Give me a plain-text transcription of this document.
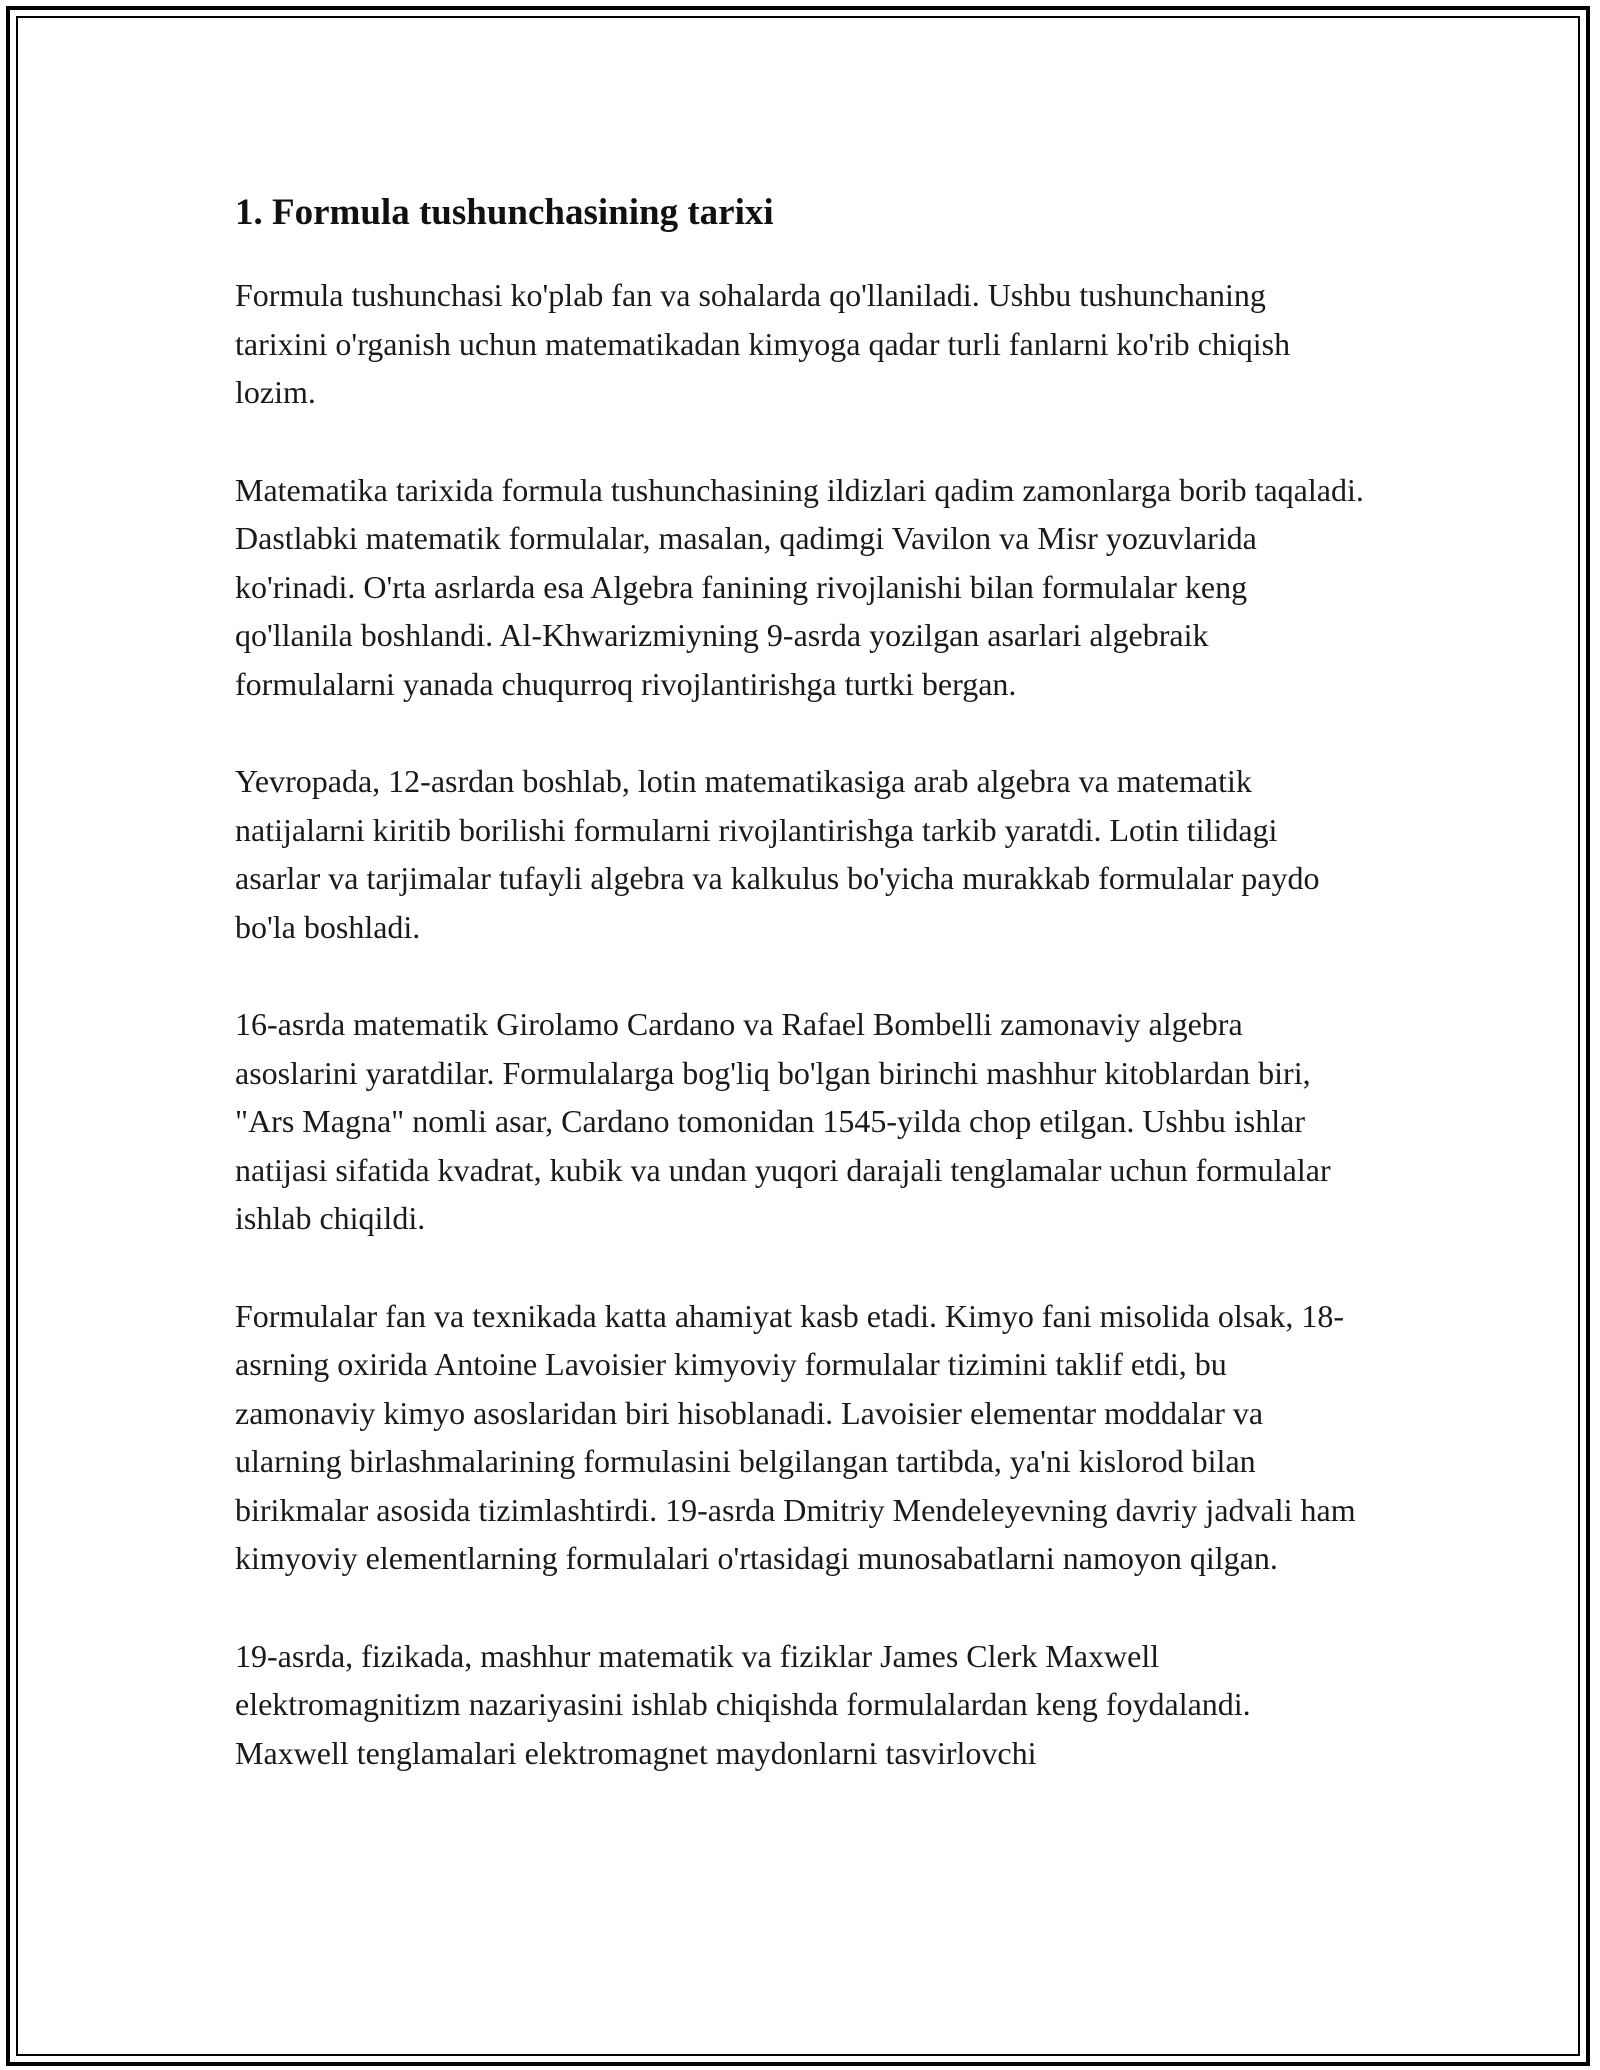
1. Formula tushunchasining tarixi

Formula tushunchasi ko'plab fan va sohalarda qo'llaniladi. Ushbu tushunchaning tarixini o'rganish uchun matematikadan kimyoga qadar turli fanlarni ko'rib chiqish lozim.

Matematika tarixida formula tushunchasining ildizlari qadim zamonlarga borib taqaladi. Dastlabki matematik formulalar, masalan, qadimgi Vavilon va Misr yozuvlarida ko'rinadi. O'rta asrlarda esa Algebra fanining rivojlanishi bilan formulalar keng qo'llanila boshlandi. Al-Khwarizmiyning 9-asrda yozilgan asarlari algebraik formulalarni yanada chuqurroq rivojlantirishga turtki bergan.

Yevropada, 12-asrdan boshlab, lotin matematikasiga arab algebra va matematik natijalarni kiritib borilishi formularni rivojlantirishga tarkib yaratdi. Lotin tilidagi asarlar va tarjimalar tufayli algebra va kalkulus bo'yicha murakkab formulalar paydo bo'la boshladi.

16-asrda matematik Girolamo Cardano va Rafael Bombelli zamonaviy algebra asoslarini yaratdilar. Formulalarga bog'liq bo'lgan birinchi mashhur kitoblardan biri, "Ars Magna" nomli asar, Cardano tomonidan 1545-yilda chop etilgan. Ushbu ishlar natijasi sifatida kvadrat, kubik va undan yuqori darajali tenglamalar uchun formulalar ishlab chiqildi.

Formulalar fan va texnikada katta ahamiyat kasb etadi. Kimyo fani misolida olsak, 18-asrning oxirida Antoine Lavoisier kimyoviy formulalar tizimini taklif etdi, bu zamonaviy kimyo asoslaridan biri hisoblanadi. Lavoisier elementar moddalar va ularning birlashmalarining formulasini belgilangan tartibda, ya'ni kislorod bilan birikmalar asosida tizimlashtirdi. 19-asrda Dmitriy Mendeleyevning davriy jadvali ham kimyoviy elementlarning formulalari o'rtasidagi munosabatlarni namoyon qilgan.

19-asrda, fizikada, mashhur matematik va fiziklar James Clerk Maxwell elektromagnitizm nazariyasini ishlab chiqishda formulalardan keng foydalandi. Maxwell tenglamalari elektromagnet maydonlarni tasvirlovchi
